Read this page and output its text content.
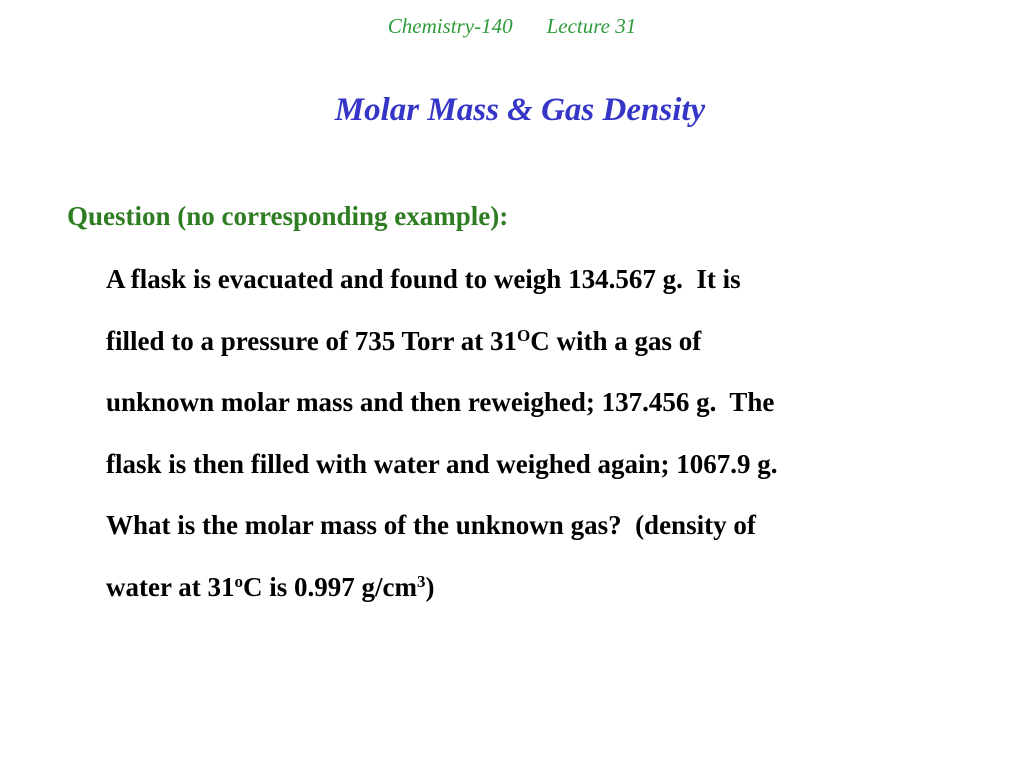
Chemistry-140 Lecture 31
Molar Mass & Gas Density
Question (no corresponding example):
A flask is evacuated and found to weigh 134.567 g.  It is
filled to a pressure of 735 Torr at $31^OC$ with a gas of
unknown molar mass and then reweighed; 137.456 g.  The
flask is then filled with water and weighed again; 1067.9 g.
What is the molar mass of the unknown gas?  (density of
water at 31$^o$C is 0.997 $g/cm^3$)
